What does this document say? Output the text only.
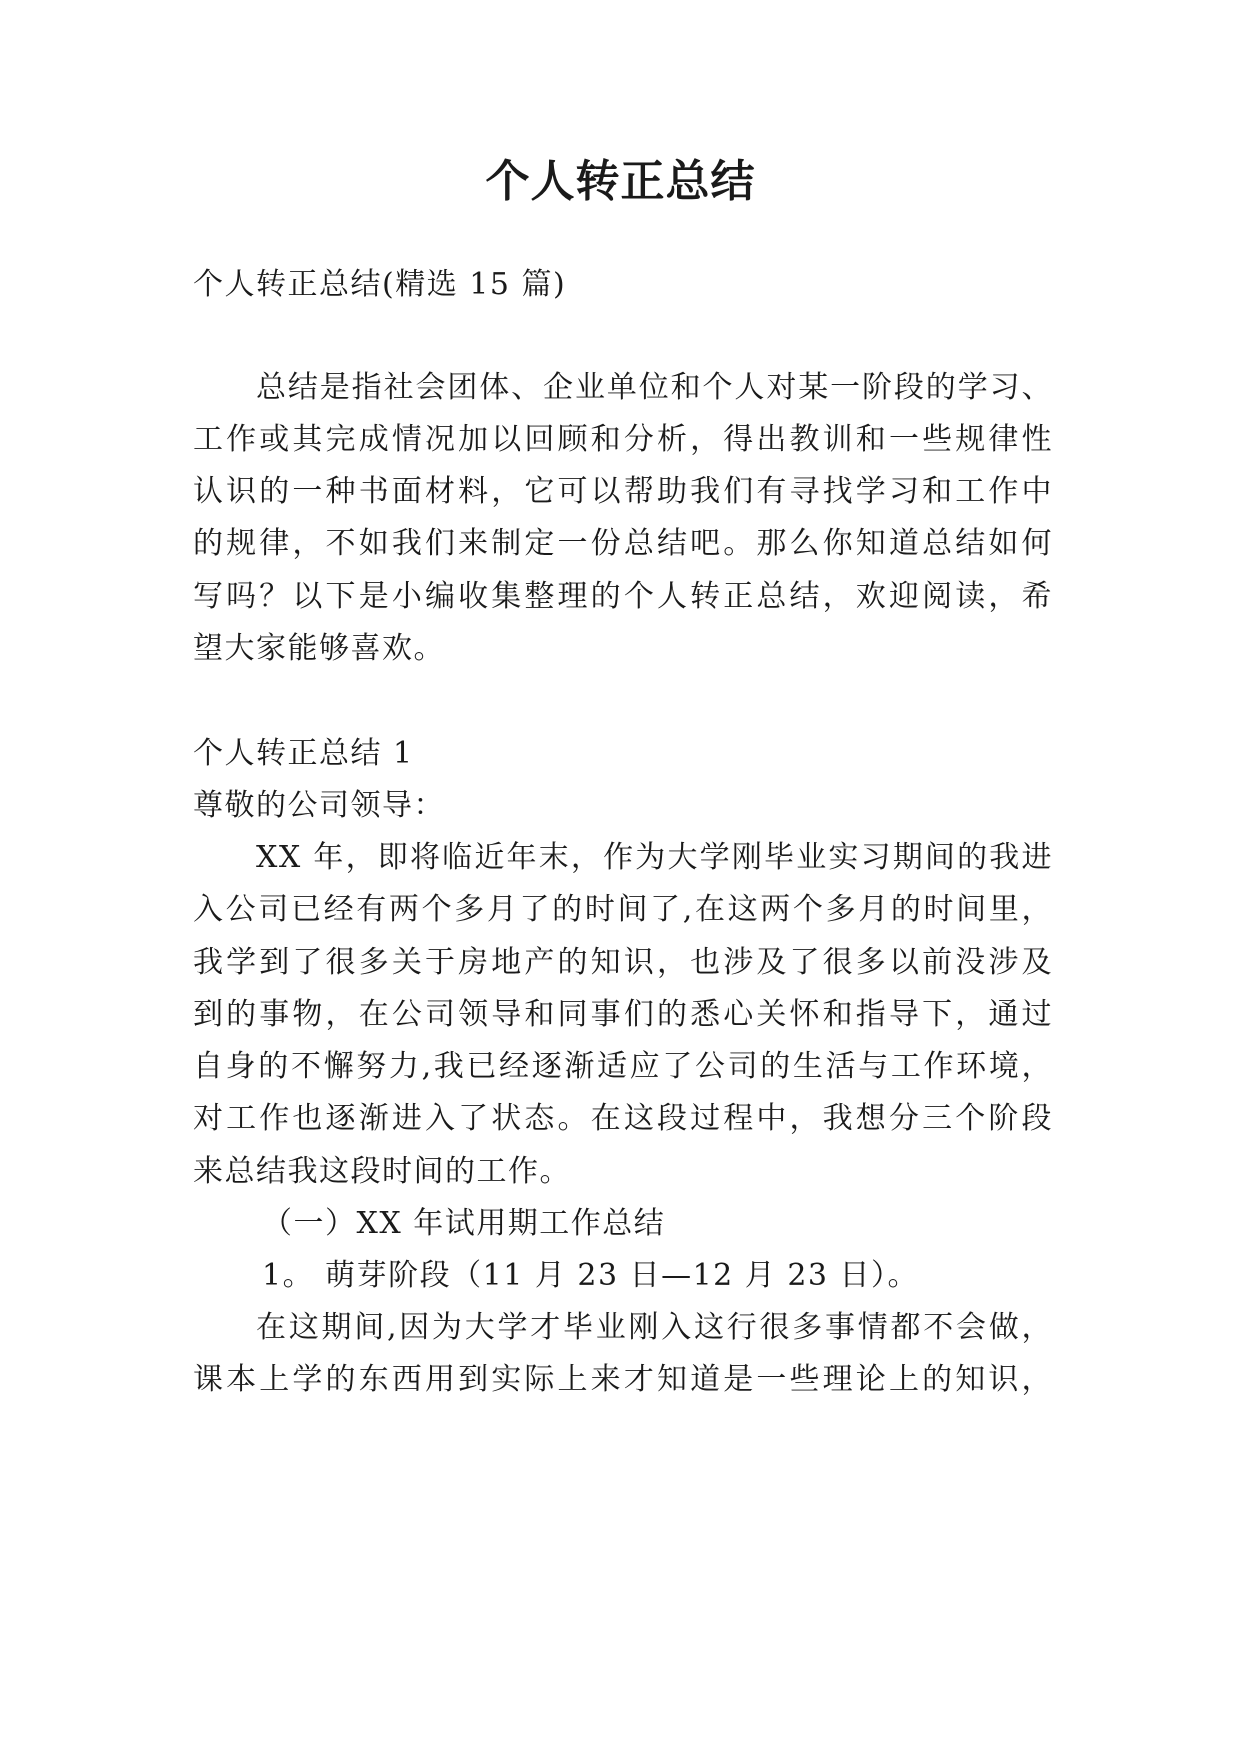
个人转正总结
个人转正总结(精选 15 篇)
总结是指社会团体、企业单位和个人对某一阶段的学习、
工作或其完成情况加以回顾和分析，得出教训和一些规律性
认识的一种书面材料，它可以帮助我们有寻找学习和工作中
的规律，不如我们来制定一份总结吧。那么你知道总结如何
写吗？以下是小编收集整理的个人转正总结，欢迎阅读，希
望大家能够喜欢。
个人转正总结 1
尊敬的公司领导：
XX 年，即将临近年末，作为大学刚毕业实习期间的我进
入公司已经有两个多月了的时间了,在这两个多月的时间里，
我学到了很多关于房地产的知识，也涉及了很多以前没涉及
到的事物，在公司领导和同事们的悉心关怀和指导下，通过
自身的不懈努力,我已经逐渐适应了公司的生活与工作环境，
对工作也逐渐进入了状态。在这段过程中，我想分三个阶段
来总结我这段时间的工作。
（一）XX 年试用期工作总结
1。 萌芽阶段（11 月 23 日—12 月 23 日）。
在这期间,因为大学才毕业刚入这行很多事情都不会做，
课本上学的东西用到实际上来才知道是一些理论上的知识，
